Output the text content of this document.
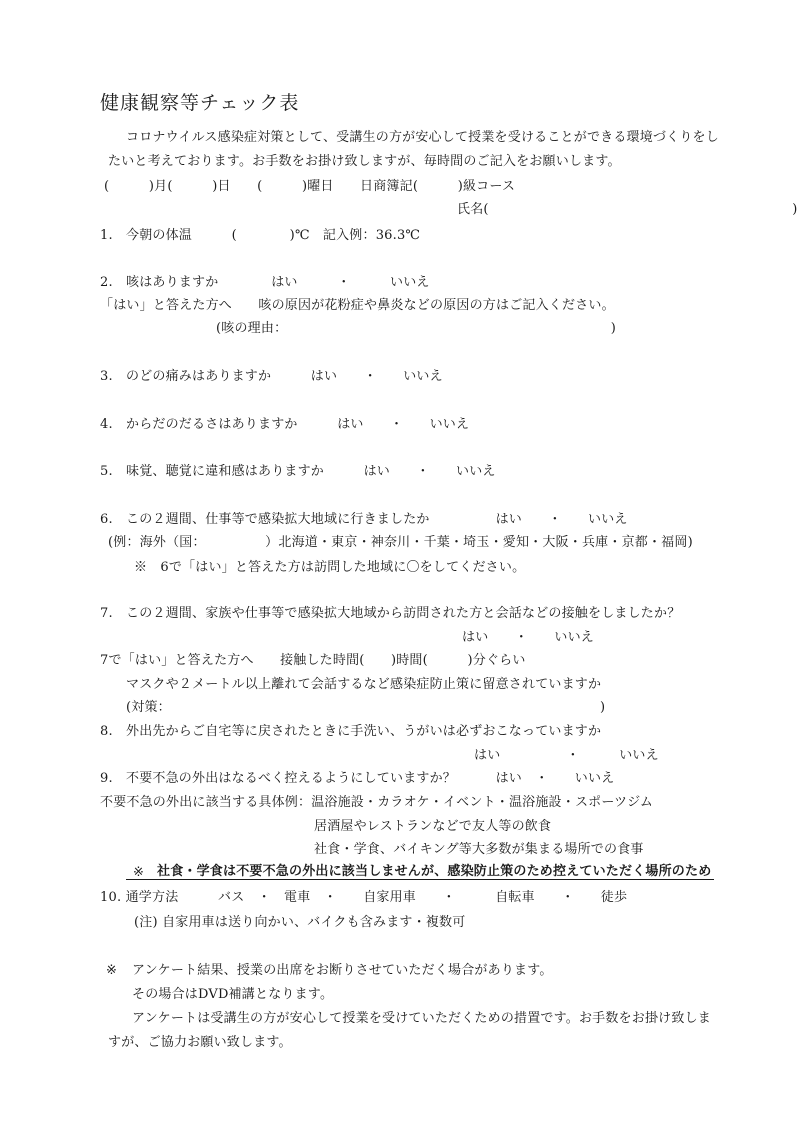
健康観察等チェック表
コロナウイルス感染症対策として、受講生の方が安心して授業を受けることができる環境づくりをし
たいと考えております。お手数をお掛け致しますが、毎時間のご記入をお願いします。
(　　　)月(　　　)日　　(　　　)曜日　　日商簿記(　　　)級コース
氏名(　　　　　　　　　　　　　　　　　　　　　　　)
1.　今朝の体温　　　(　　　　)℃　記入例：36.3℃
2.　咳はありますか　　　　はい　　　・　　　いいえ
「はい」と答えた方へ　　咳の原因が花粉症や鼻炎などの原因の方はご記入ください。
(咳の理由：　　　　　　　　　　　　　　　　　　　　　　　　　)
3.　のどの痛みはありますか　　　はい　　・　　いいえ
4.　からだのだるさはありますか　　　はい　　・　　いいえ
5.　味覚、聴覚に違和感はありますか　　　はい　　・　　いいえ
6.　この２週間、仕事等で感染拡大地域に行きましたか　　　　　はい　　・　　いいえ
(例：海外（国：　　　　　）北海道・東京・神奈川・千葉・埼玉・愛知・大阪・兵庫・京都・福岡)
※　6で「はい」と答えた方は訪問した地域に〇をしてください。
7.　この２週間、家族や仕事等で感染拡大地域から訪問された方と会話などの接触をしましたか？
はい　　・　　いいえ
7で「はい」と答えた方へ　　接触した時間(　　)時間(　　　)分ぐらい
マスクや２メートル以上離れて会話するなど感染症防止策に留意されていますか
(対策：　　　　　　　　　　　　　　　　　　　　　　　　　　　　　　　　　)
8.　外出先からご自宅等に戻されたときに手洗い、うがいは必ずおこなっていますか
はい　　　　　・　　　いいえ
9.　不要不急の外出はなるべく控えるようにしていますか？　　　はい　・　　いいえ
不要不急の外出に該当する具体例：温浴施設・カラオケ・イベント・温浴施設・スポーツジム
居酒屋やレストランなどで友人等の飲食
社食・学食、バイキング等大多数が集まる場所での食事
※ 社食・学食は不要不急の外出に該当しませんが、感染防止策のため控えていただく場所のため
10. 通学方法　　　バス　・　電車　・　　自家用車　　・　　　自転車　　・　　徒歩
(注) 自家用車は送り向かい、バイクも含みます・複数可
※ アンケート結果、授業の出席をお断りさせていただく場合があります。
その場合はDVD補講となります。
アンケートは受講生の方が安心して授業を受けていただくための措置です。お手数をお掛け致しま
すが、ご協力お願い致します。
